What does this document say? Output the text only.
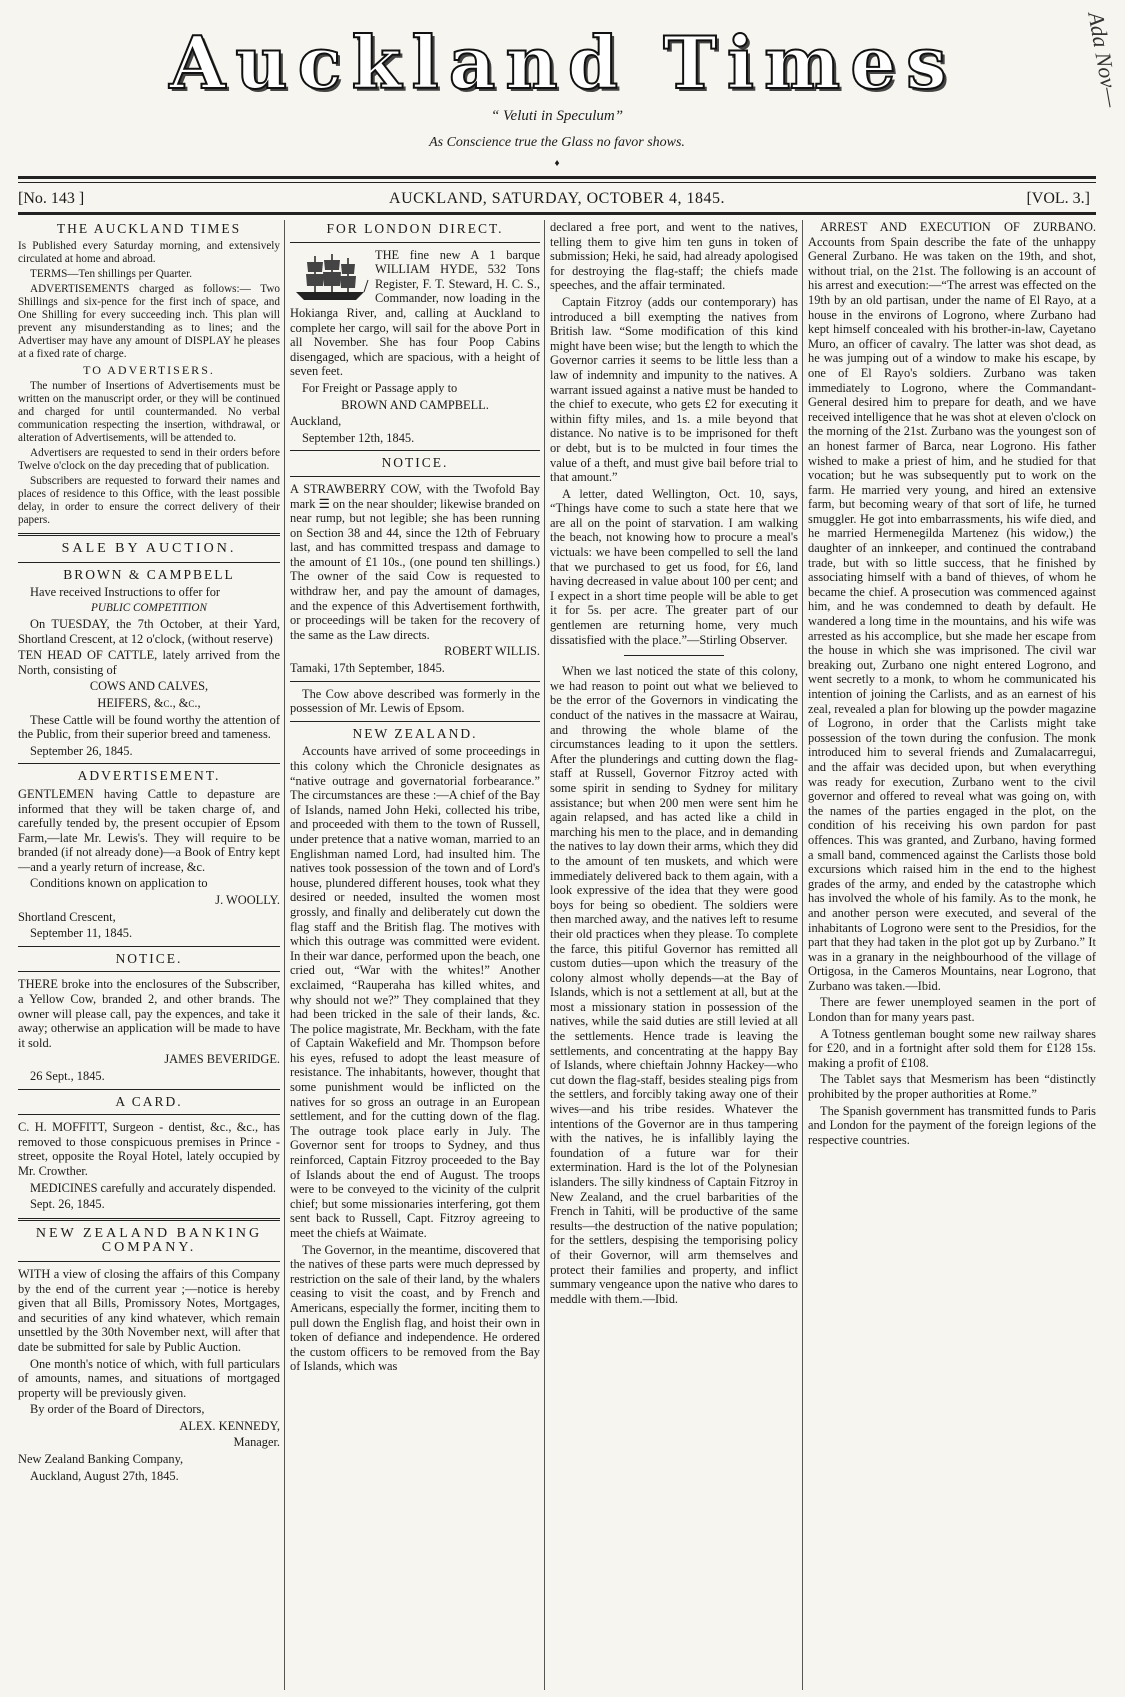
Auckland Times
“ Veluti in Speculum”
As Conscience true the Glass no favor shows.
♦
Ada Nov—
[No. 143 ]	AUCKLAND, SATURDAY, OCTOBER 4, 1845.	[VOL. 3.]
THE AUCKLAND TIMES

Is Published every Saturday morning, and extensively circulated at home and abroad.

TERMS—Ten shillings per Quarter.

ADVERTISEMENTS charged as follows:— Two Shillings and six-pence for the first inch of space, and One Shilling for every succeeding inch. This plan will prevent any misunderstanding as to lines; and the Advertiser may have any amount of DISPLAY he pleases at a fixed rate of charge.

TO ADVERTISERS.

The number of Insertions of Advertisements must be written on the manuscript order, or they will be continued and charged for until countermanded. No verbal communication respecting the insertion, withdrawal, or alteration of Advertisements, will be attended to.

Advertisers are requested to send in their orders before Twelve o'clock on the day preceding that of publication.

Subscribers are requested to forward their names and places of residence to this Office, with the least possible delay, in order to ensure the correct delivery of their papers.

SALE BY AUCTION.
BROWN & CAMPBELL

Have received Instructions to offer for

PUBLIC COMPETITION

On TUESDAY, the 7th October, at their Yard, Shortland Crescent, at 12 o'clock, (without reserve)

TEN HEAD OF CATTLE, lately arrived from the North, consisting of

COWS AND CALVES,

HEIFERS, &c., &c.,

These Cattle will be found worthy the attention of the Public, from their superior breed and tameness.

September 26, 1845.

ADVERTISEMENT.

GENTLEMEN having Cattle to depasture are informed that they will be taken charge of, and carefully tended by, the present occupier of Epsom Farm,—late Mr. Lewis's. They will require to be branded (if not already done)—a Book of Entry kept—and a yearly return of increase, &c.

Conditions known on application to

J. WOOLLY.

Shortland Crescent,

September 11, 1845.

NOTICE.

THERE broke into the enclosures of the Subscriber, a Yellow Cow, branded 2, and other brands. The owner will please call, pay the expences, and take it away; otherwise an application will be made to have it sold.

JAMES BEVERIDGE.

26 Sept., 1845.

A CARD.

C. H. MOFFITT, Surgeon - dentist, &c., &c., has removed to those conspicuous premises in Prince - street, opposite the Royal Hotel, lately occupied by Mr. Crowther.

MEDICINES carefully and accurately dispended.

Sept. 26, 1845.

NEW ZEALAND BANKING COMPANY.

WITH a view of closing the affairs of this Company by the end of the current year ;—notice is hereby given that all Bills, Promissory Notes, Mortgages, and securities of any kind whatever, which remain unsettled by the 30th November next, will after that date be submitted for sale by Public Auction.

One month's notice of which, with full particulars of amounts, names, and situations of mortgaged property will be previously given.

By order of the Board of Directors,

ALEX. KENNEDY,

Manager.

New Zealand Banking Company,

Auckland, August 27th, 1845.

FOR LONDON DIRECT.

THE fine new A 1 barque WILLIAM HYDE, 532 Tons Register, F. T. Steward, H. C. S., Commander, now loading in the Hokianga River, and, calling at Auckland to complete her cargo, will sail for the above Port in all November. She has four Poop Cabins disengaged, which are spacious, with a height of seven feet.

For Freight or Passage apply to

BROWN AND CAMPBELL.

Auckland,

September 12th, 1845.

NOTICE.

A STRAWBERRY COW, with the Twofold Bay mark ☰ on the near shoulder; likewise branded on near rump, but not legible; she has been running on Section 38 and 44, since the 12th of February last, and has committed trespass and damage to the amount of £1 10s., (one pound ten shillings.) The owner of the said Cow is requested to withdraw her, and pay the amount of damages, and the expence of this Advertisement forthwith, or proceedings will be taken for the recovery of the same as the Law directs.

ROBERT WILLIS.

Tamaki, 17th September, 1845.

The Cow above described was formerly in the possession of Mr. Lewis of Epsom.

NEW ZEALAND.

Accounts have arrived of some proceedings in this colony which the Chronicle designates as “native outrage and governatorial forbearance.” The circumstances are these :—A chief of the Bay of Islands, named John Heki, collected his tribe, and proceeded with them to the town of Russell, under pretence that a native woman, married to an Englishman named Lord, had insulted him. The natives took possession of the town and of Lord's house, plundered different houses, took what they desired or needed, insulted the women most grossly, and finally and deliberately cut down the flag staff and the British flag. The motives with which this outrage was committed were evident. In their war dance, performed upon the beach, one cried out, “War with the whites!” Another exclaimed, “Rauperaha has killed whites, and why should not we?” They complained that they had been tricked in the sale of their lands, &c. The police magistrate, Mr. Beckham, with the fate of Captain Wakefield and Mr. Thompson before his eyes, refused to adopt the least measure of resistance. The inhabitants, however, thought that some punishment would be inflicted on the natives for so gross an outrage in an European settlement, and for the cutting down of the flag. The outrage took place early in July. The Governor sent for troops to Sydney, and thus reinforced, Captain Fitzroy proceeded to the Bay of Islands about the end of August. The troops were to be conveyed to the vicinity of the culprit chief; but some missionaries interfering, got them sent back to Russell, Capt. Fitzroy agreeing to meet the chiefs at Waimate.

The Governor, in the meantime, discovered that the natives of these parts were much depressed by restriction on the sale of their land, by the whalers ceasing to visit the coast, and by French and Americans, especially the former, inciting them to pull down the English flag, and hoist their own in token of defiance and independence. He ordered the custom officers to be removed from the Bay of Islands, which was

declared a free port, and went to the natives, telling them to give him ten guns in token of submission; Heki, he said, had already apologised for destroying the flag-staff; the chiefs made speeches, and the affair terminated.

Captain Fitzroy (adds our contemporary) has introduced a bill exempting the natives from British law. “Some modification of this kind might have been wise; but the length to which the Governor carries it seems to be little less than a law of indemnity and impunity to the natives. A warrant issued against a native must be handed to the chief to execute, who gets £2 for executing it within fifty miles, and 1s. a mile beyond that distance. No native is to be imprisoned for theft or debt, but is to be mulcted in four times the value of a theft, and must give bail before trial to that amount.”

A letter, dated Wellington, Oct. 10, says, “Things have come to such a state here that we are all on the point of starvation. I am walking the beach, not knowing how to procure a meal's victuals: we have been compelled to sell the land that we purchased to get us food, for £6, land having decreased in value about 100 per cent; and I expect in a short time people will be able to get it for 5s. per acre. The greater part of our gentlemen are returning home, very much dissatisfied with the place.”—Stirling Observer.

When we last noticed the state of this colony, we had reason to point out what we believed to be the error of the Governors in vindicating the conduct of the natives in the massacre at Wairau, and throwing the whole blame of the circumstances leading to it upon the settlers. After the plunderings and cutting down the flag-staff at Russell, Governor Fitzroy acted with some spirit in sending to Sydney for military assistance; but when 200 men were sent him he again relapsed, and has acted like a child in marching his men to the place, and in demanding the natives to lay down their arms, which they did to the amount of ten muskets, and which were immediately delivered back to them again, with a look expressive of the idea that they were good boys for being so obedient. The soldiers were then marched away, and the natives left to resume their old practices when they please. To complete the farce, this pitiful Governor has remitted all custom duties—upon which the treasury of the colony almost wholly depends—at the Bay of Islands, which is not a settlement at all, but at the most a missionary station in possession of the natives, while the said duties are still levied at all the settlements. Hence trade is leaving the settlements, and concentrating at the happy Bay of Islands, where chieftain Johnny Hackey—who cut down the flag-staff, besides stealing pigs from the settlers, and forcibly taking away one of their wives—and his tribe resides. Whatever the intentions of the Governor are in thus tampering with the natives, he is infallibly laying the foundation of a future war for their extermination. Hard is the lot of the Polynesian islanders. The silly kindness of Captain Fitzroy in New Zealand, and the cruel barbarities of the French in Tahiti, will be productive of the same results—the destruction of the native population; for the settlers, despising the temporising policy of their Governor, will arm themselves and protect their families and property, and inflict summary vengeance upon the native who dares to meddle with them.—Ibid.

ARREST AND EXECUTION OF ZURBANO. Accounts from Spain describe the fate of the unhappy General Zurbano. He was taken on the 19th, and shot, without trial, on the 21st. The following is an account of his arrest and execution:—“The arrest was effected on the 19th by an old partisan, under the name of El Rayo, at a house in the environs of Logrono, where Zurbano had kept himself concealed with his brother-in-law, Cayetano Muro, an officer of cavalry. The latter was shot dead, as he was jumping out of a window to make his escape, by one of El Rayo's soldiers. Zurbano was taken immediately to Logrono, where the Commandant-General desired him to prepare for death, and we have received intelligence that he was shot at eleven o'clock on the morning of the 21st. Zurbano was the youngest son of an honest farmer of Barca, near Logrono. His father wished to make a priest of him, and he studied for that vocation; but he was subsequently put to work on the farm. He married very young, and hired an extensive farm, but becoming weary of that sort of life, he turned smuggler. He got into embarrassments, his wife died, and he married Hermenegilda Martenez (his widow,) the daughter of an innkeeper, and continued the contraband trade, but with so little success, that he finished by associating himself with a band of thieves, of whom he became the chief. A prosecution was commenced against him, and he was condemned to death by default. He wandered a long time in the mountains, and his wife was arrested as his accomplice, but she made her escape from the house in which she was imprisoned. The civil war breaking out, Zurbano one night entered Logrono, and went secretly to a monk, to whom he communicated his intention of joining the Carlists, and as an earnest of his zeal, revealed a plan for blowing up the powder magazine of Logrono, in order that the Carlists might take possession of the town during the confusion. The monk introduced him to several friends and Zumalacarregui, and the affair was decided upon, but when everything was ready for execution, Zurbano went to the civil governor and offered to reveal what was going on, with the names of the parties engaged in the plot, on the condition of his receiving his own pardon for past offences. This was granted, and Zurbano, having formed a small band, commenced against the Carlists those bold excursions which raised him in the end to the highest grades of the army, and ended by the catastrophe which has involved the whole of his family. As to the monk, he and another person were executed, and several of the inhabitants of Logrono were sent to the Presidios, for the part that they had taken in the plot got up by Zurbano.” It was in a granary in the neighbourhood of the village of Ortigosa, in the Cameros Mountains, near Logrono, that Zurbano was taken.—Ibid.

There are fewer unemployed seamen in the port of London than for many years past.

A Totness gentleman bought some new railway shares for £20, and in a fortnight after sold them for £128 15s. making a profit of £108.

The Tablet says that Mesmerism has been “distinctly prohibited by the proper authorities at Rome.”

The Spanish government has transmitted funds to Paris and London for the payment of the foreign legions of the respective countries.
